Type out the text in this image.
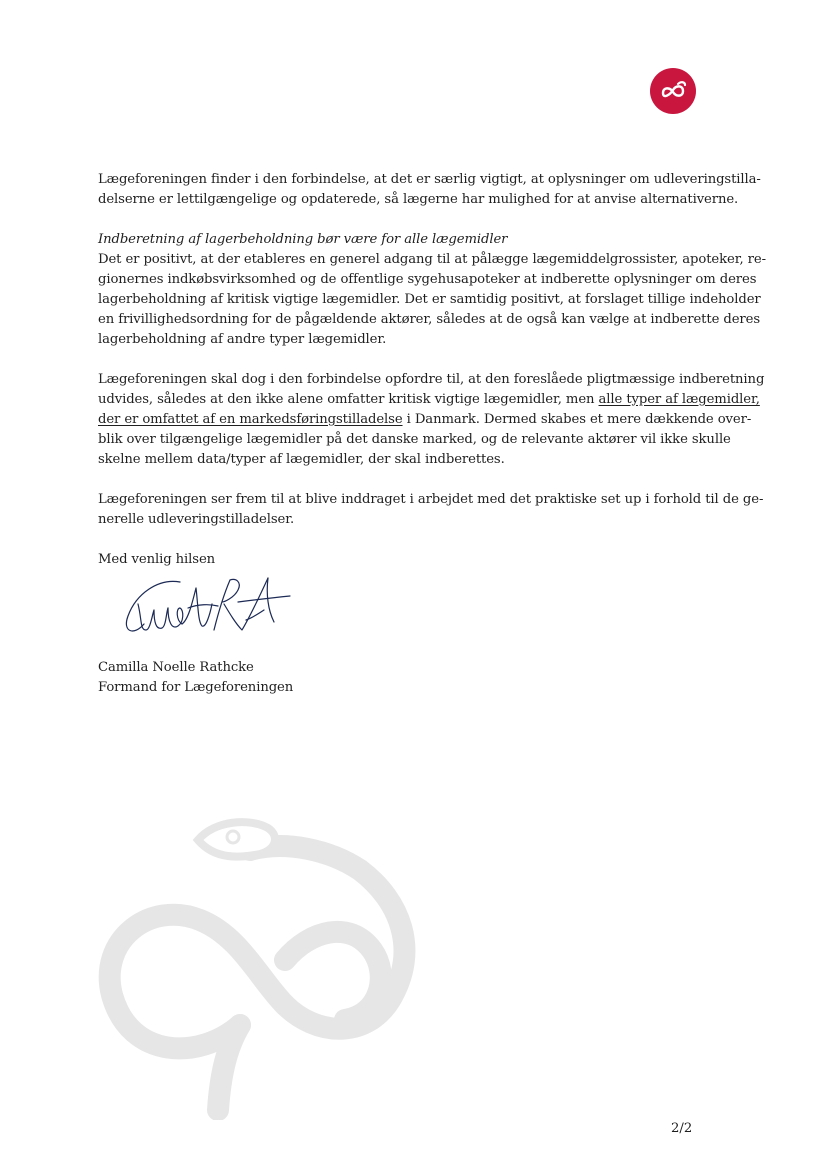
Lægeforeningen finder i den forbindelse, at det er særlig vigtigt, at oplysninger om udleveringstilla-
delserne er lettilgængelige og opdaterede, så lægerne har mulighed for at anvise alternativerne.

Indberetning af lagerbeholdning bør være for alle lægemidler
Det er positivt, at der etableres en generel adgang til at pålægge lægemiddelgrossister, apoteker, re-
gionernes indkøbsvirksomhed og de offentlige sygehusapoteker at indberette oplysninger om deres
lagerbeholdning af kritisk vigtige lægemidler. Det er samtidig positivt, at forslaget tillige indeholder
en frivillighedsordning for de pågældende aktører, således at de også kan vælge at indberette deres
lagerbeholdning af andre typer lægemidler.

Lægeforeningen skal dog i den forbindelse opfordre til, at den foreslåede pligtmæssige indberetning
udvides, således at den ikke alene omfatter kritisk vigtige lægemidler, men alle typer af lægemidler,
der er omfattet af en markedsføringstilladelse i Danmark. Dermed skabes et mere dækkende over-
blik over tilgængelige lægemidler på det danske marked, og de relevante aktører vil ikke skulle
skelne mellem data/typer af lægemidler, der skal indberettes.

Lægeforeningen ser frem til at blive inddraget i arbejdet med det praktiske set up i forhold til de ge-
nerelle udleveringstilladelser.

Med venlig hilsen

Camilla Noelle Rathcke
Formand for Lægeforeningen

2/2
